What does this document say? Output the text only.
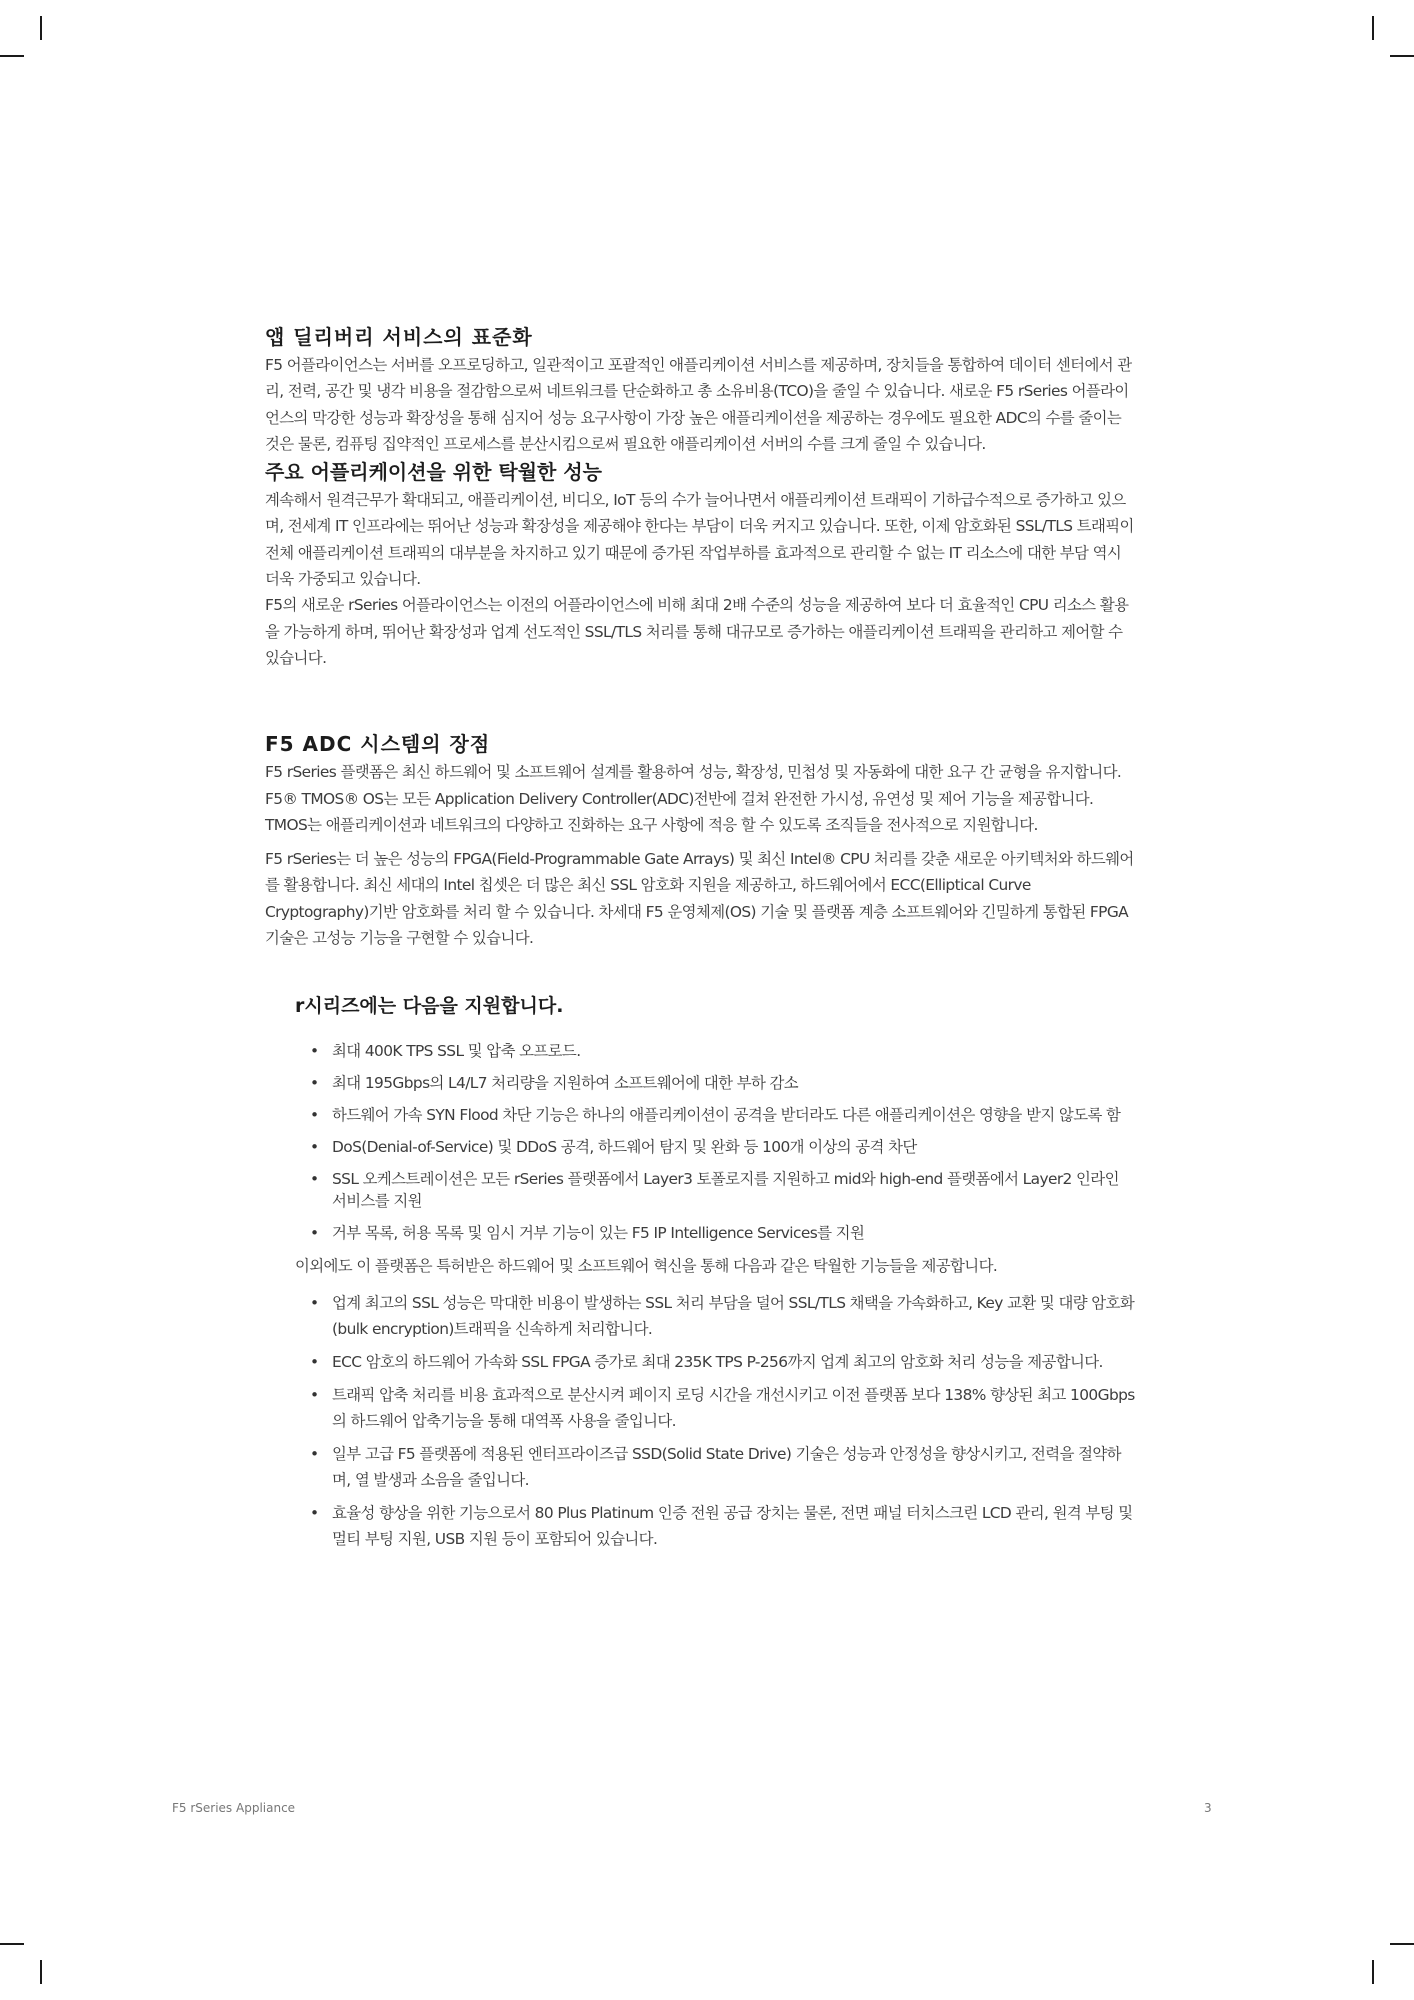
앱 딜리버리 서비스의 표준화

F5 어플라이언스는 서버를 오프로딩하고, 일관적이고 포괄적인 애플리케이션 서비스를 제공하며, 장치들을 통합하여 데이터 센터에서 관리, 전력, 공간 및 냉각 비용을 절감함으로써 네트워크를 단순화하고 총 소유비용(TCO)을 줄일 수 있습니다. 새로운 F5 rSeries 어플라이언스의 막강한 성능과 확장성을 통해 심지어 성능 요구사항이 가장 높은 애플리케이션을 제공하는 경우에도 필요한 ADC의 수를 줄이는 것은 물론, 컴퓨팅 집약적인 프로세스를 분산시킴으로써 필요한 애플리케이션 서버의 수를 크게 줄일 수 있습니다.

주요 어플리케이션을 위한 탁월한 성능

계속해서 원격근무가 확대되고, 애플리케이션, 비디오, IoT 등의 수가 늘어나면서 애플리케이션 트래픽이 기하급수적으로 증가하고 있으며, 전세계 IT 인프라에는 뛰어난 성능과 확장성을 제공해야 한다는 부담이 더욱 커지고 있습니다. 또한, 이제 암호화된 SSL/TLS 트래픽이 전체 애플리케이션 트래픽의 대부분을 차지하고 있기 때문에 증가된 작업부하를 효과적으로 관리할 수 없는 IT 리소스에 대한 부담 역시 더욱 가중되고 있습니다.

F5의 새로운 rSeries 어플라이언스는 이전의 어플라이언스에 비해 최대 2배 수준의 성능을 제공하여 보다 더 효율적인 CPU 리소스 활용을 가능하게 하며, 뛰어난 확장성과 업계 선도적인 SSL/TLS 처리를 통해 대규모로 증가하는 애플리케이션 트래픽을 관리하고 제어할 수 있습니다.

F5 ADC 시스템의 장점

F5 rSeries 플랫폼은 최신 하드웨어 및 소프트웨어 설계를 활용하여 성능, 확장성, 민첩성 및 자동화에 대한 요구 간 균형을 유지합니다. F5® TMOS® OS는 모든 Application Delivery Controller(ADC)전반에 걸쳐 완전한 가시성, 유연성 및 제어 기능을 제공합니다. TMOS는 애플리케이션과 네트워크의 다양하고 진화하는 요구 사항에 적응 할 수 있도록 조직들을 전사적으로 지원합니다.

F5 rSeries는 더 높은 성능의 FPGA(Field-Programmable Gate Arrays) 및 최신 Intel® CPU 처리를 갖춘 새로운 아키텍처와 하드웨어를 활용합니다. 최신 세대의 Intel 칩셋은 더 많은 최신 SSL 암호화 지원을 제공하고, 하드웨어에서 ECC(Elliptical Curve Cryptography)기반 암호화를 처리 할 수 있습니다. 차세대 F5 운영체제(OS) 기술 및 플랫폼 계층 소프트웨어와 긴밀하게 통합된 FPGA 기술은 고성능 기능을 구현할 수 있습니다.

r시리즈에는 다음을 지원합니다.
• 최대 400K TPS SSL 및 압축 오프로드.
• 최대 195Gbps의 L4/L7 처리량을 지원하여 소프트웨어에 대한 부하 감소
• 하드웨어 가속 SYN Flood 차단 기능은 하나의 애플리케이션이 공격을 받더라도 다른 애플리케이션은 영향을 받지 않도록 함
• DoS(Denial-of-Service) 및 DDoS 공격, 하드웨어 탐지 및 완화 등 100개 이상의 공격 차단
• SSL 오케스트레이션은 모든 rSeries 플랫폼에서 Layer3 토폴로지를 지원하고 mid와 high-end 플랫폼에서 Layer2 인라인 서비스를 지원
• 거부 목록, 허용 목록 및 임시 거부 기능이 있는 F5 IP Intelligence Services를 지원
이외에도 이 플랫폼은 특허받은 하드웨어 및 소프트웨어 혁신을 통해 다음과 같은 탁월한 기능들을 제공합니다.
• 업계 최고의 SSL 성능은 막대한 비용이 발생하는 SSL 처리 부담을 덜어 SSL/TLS 채택을 가속화하고, Key 교환 및 대량 암호화(bulk encryption)트래픽을 신속하게 처리합니다.
• ECC 암호의 하드웨어 가속화 SSL FPGA 증가로 최대 235K TPS P-256까지 업계 최고의 암호화 처리 성능을 제공합니다.
• 트래픽 압축 처리를 비용 효과적으로 분산시켜 페이지 로딩 시간을 개선시키고 이전 플랫폼 보다 138% 향상된 최고 100Gbps의 하드웨어 압축기능을 통해 대역폭 사용을 줄입니다.
• 일부 고급 F5 플랫폼에 적용된 엔터프라이즈급 SSD(Solid State Drive) 기술은 성능과 안정성을 향상시키고, 전력을 절약하며, 열 발생과 소음을 줄입니다.
• 효율성 향상을 위한 기능으로서 80 Plus Platinum 인증 전원 공급 장치는 물론, 전면 패널 터치스크린 LCD 관리, 원격 부팅 및 멀티 부팅 지원, USB 지원 등이 포함되어 있습니다.
F5 rSeries Appliance	3
